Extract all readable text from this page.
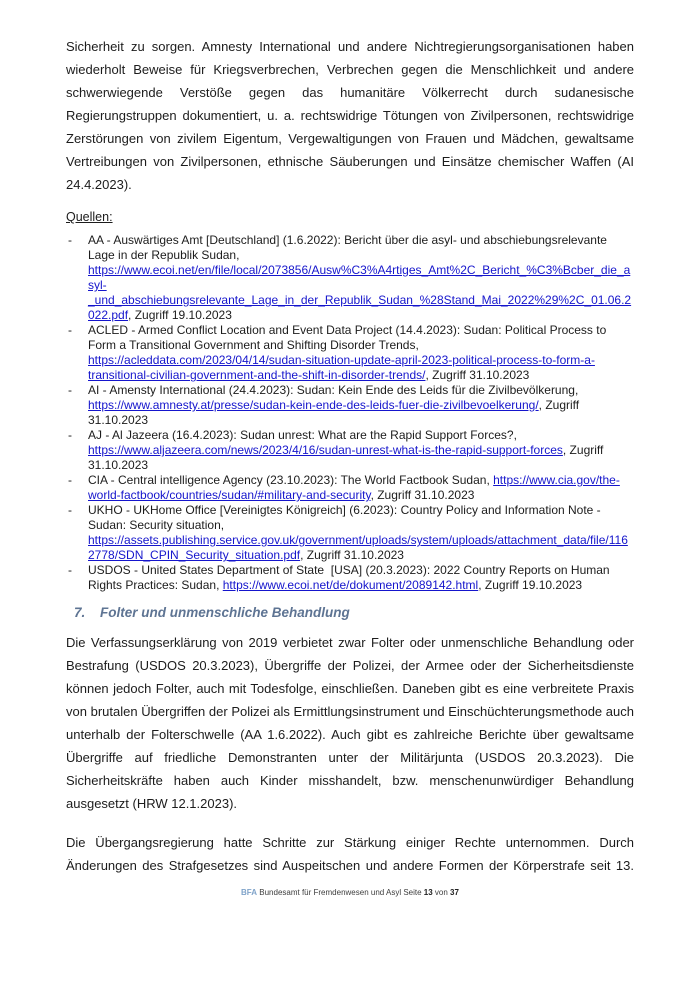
Sicherheit zu sorgen. Amnesty International und andere Nichtregierungsorganisationen haben wiederholt Beweise für Kriegsverbrechen, Verbrechen gegen die Menschlichkeit und andere schwerwiegende Verstöße gegen das humanitäre Völkerrecht durch sudanesische Regierungstruppen dokumentiert, u. a. rechtswidrige Tötungen von Zivilpersonen, rechtswidrige Zerstörungen von zivilem Eigentum, Vergewaltigungen von Frauen und Mädchen, gewaltsame Vertreibungen von Zivilpersonen, ethnische Säuberungen und Einsätze chemischer Waffen (AI 24.4.2023).

Quellen:
- AA - Auswärtiges Amt [Deutschland] (1.6.2022): Bericht über die asyl- und abschiebungsrelevante Lage in der Republik Sudan, https://www.ecoi.net/en/file/local/2073856/Ausw%C3%A4rtiges_Amt%2C_Bericht_%C3%Bcber_die_asyl-_und_abschiebungsrelevante_Lage_in_der_Republik_Sudan_%28Stand_Mai_2022%29%2C_01.06.2022.pdf, Zugriff 19.10.2023
- ACLED - Armed Conflict Location and Event Data Project (14.4.2023): Sudan: Political Process to Form a Transitional Government and Shifting Disorder Trends, https://acleddata.com/2023/04/14/sudan-situation-update-april-2023-political-process-to-form-a-transitional-civilian-government-and-the-shift-in-disorder-trends/, Zugriff 31.10.2023
- AI - Amensty International (24.4.2023): Sudan: Kein Ende des Leids für die Zivilbevölkerung, https://www.amnesty.at/presse/sudan-kein-ende-des-leids-fuer-die-zivilbevoelkerung/, Zugriff 31.10.2023
- AJ - Al Jazeera (16.4.2023): Sudan unrest: What are the Rapid Support Forces?, https://www.aljazeera.com/news/2023/4/16/sudan-unrest-what-is-the-rapid-support-forces, Zugriff 31.10.2023
- CIA - Central intelligence Agency (23.10.2023): The World Factbook Sudan, https://www.cia.gov/the-world-factbook/countries/sudan/#military-and-security, Zugriff 31.10.2023
- UKHO - UKHome Office [Vereinigtes Königreich] (6.2023): Country Policy and Information Note - Sudan: Security situation, https://assets.publishing.service.gov.uk/government/uploads/system/uploads/attachment_data/file/1162778/SDN_CPIN_Security_situation.pdf, Zugriff 31.10.2023
- USDOS - United States Department of State  [USA] (20.3.2023): 2022 Country Reports on Human Rights Practices: Sudan, https://www.ecoi.net/de/dokument/2089142.html, Zugriff 19.10.2023
7.	Folter und unmenschliche Behandlung

Die Verfassungserklärung von 2019 verbietet zwar Folter oder unmenschliche Behandlung oder Bestrafung (USDOS 20.3.2023), Übergriffe der Polizei, der Armee oder der Sicherheitsdienste können jedoch Folter, auch mit Todesfolge, einschließen. Daneben gibt es eine verbreitete Praxis von brutalen Übergriffen der Polizei als Ermittlungsinstrument und Einschüchterungsmethode auch unterhalb der Folterschwelle (AA 1.6.2022). Auch gibt es zahlreiche Berichte über gewaltsame Übergriffe auf friedliche Demonstranten unter der Militärjunta (USDOS 20.3.2023). Die Sicherheitskräfte haben auch Kinder misshandelt, bzw. menschenunwürdiger Behandlung ausgesetzt (HRW 12.1.2023).

Die Übergangsregierung hatte Schritte zur Stärkung einiger Rechte unternommen. Durch Änderungen des Strafgesetzes sind Auspeitschen und andere Formen der Körperstrafe seit 13.

BFA Bundesamt für Fremdenwesen und Asyl Seite 13 von 37
